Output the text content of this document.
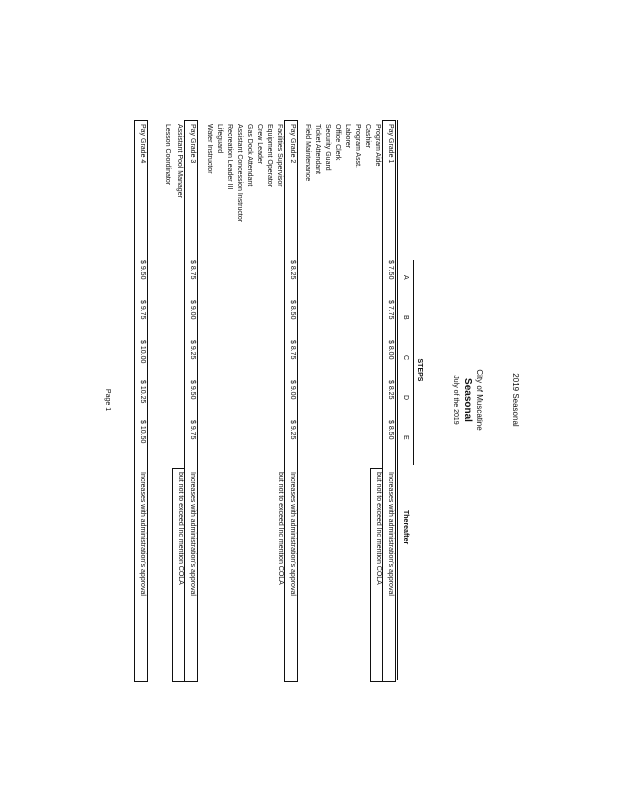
2019 Seasonal
City of Muscatine
Seasonal
July of the 2019
STEPS
A
B
C
D
E
Thereafter
Pay Grade 1
$ 7.50
$ 7.75
$ 8.00
$ 8.25
$ 8.50
Increases with administration's approval
but not to exceed Inc mention COLA
Program Aide
Cashier
Program Asst.
Laborer
Office Clerk
Security Guard
Ticket Attendant
Field Maintenance
Pay Grade 2
$ 8.25
$ 8.50
$ 8.75
$ 9.00
$ 9.25
Increases with administration's approval
but not to exceed Inc mention COLA
Facilities Supervisor
Equipment Operator
Crew Leader
Gas Dock Attendant
Assistant Concession Instructor
Recreation Leader III
Lifeguard
Water Instructor
Pay Grade 3
$ 8.75
$ 9.00
$ 9.25
$ 9.50
$ 9.75
Increases with administration's approval
but not to exceed Inc mention COLA
Assistant Pool Manager
Lesson Coordinator
Pay Grade 4
$ 9.50
$ 9.75
$ 10.00
$ 10.25
$ 10.50
Increases with administration's approval
Page 1
